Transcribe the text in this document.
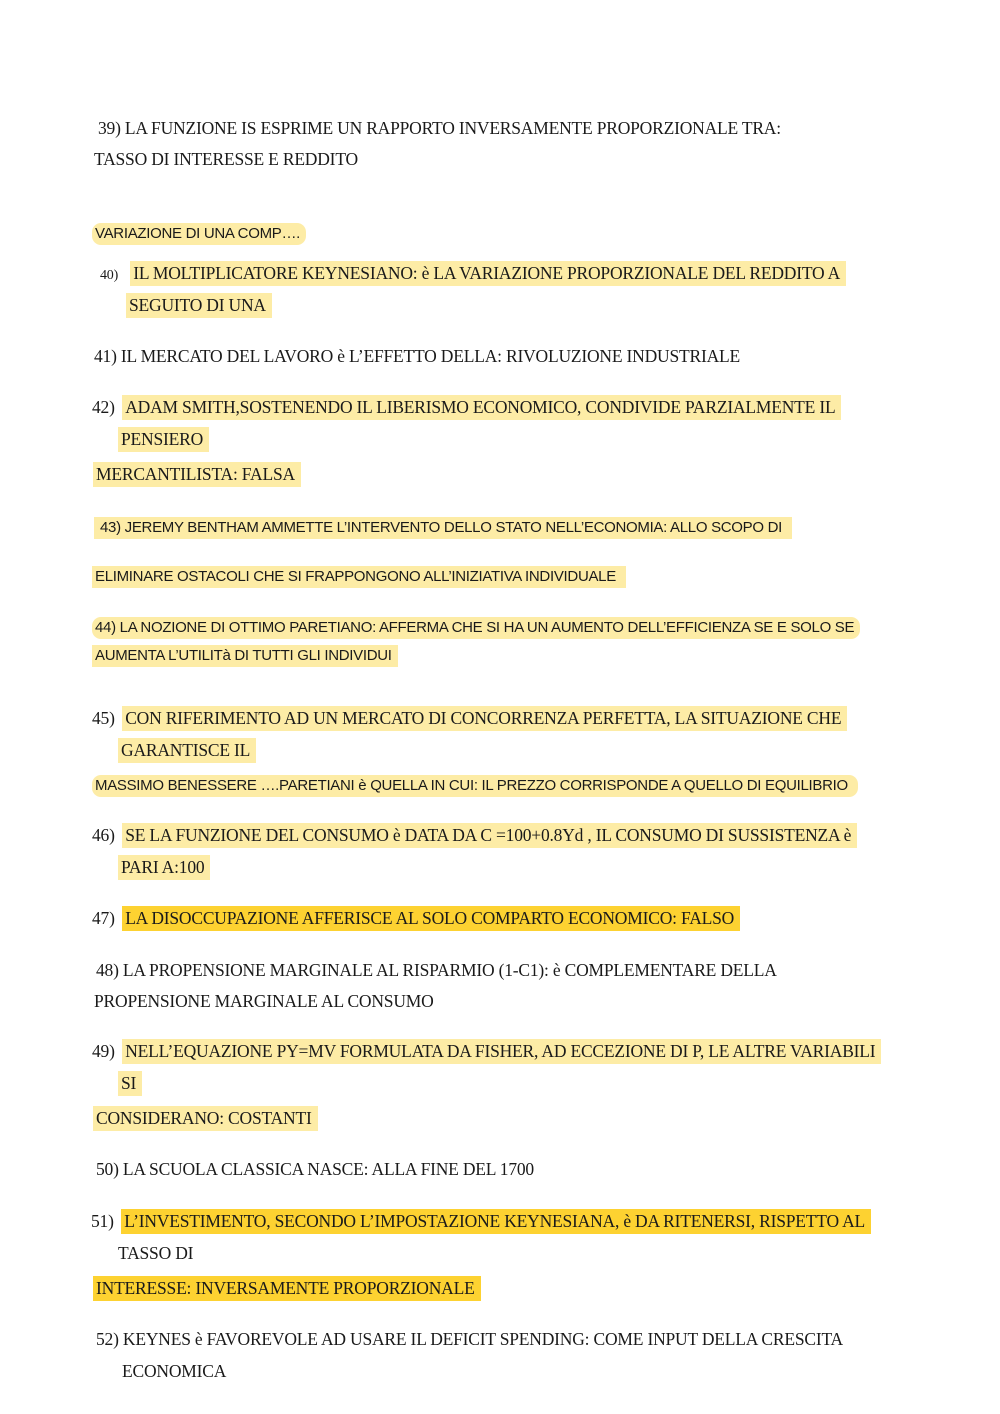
39) LA FUNZIONE IS ESPRIME UN RAPPORTO INVERSAMENTE PROPORZIONALE TRA:
TASSO DI INTERESSE E REDDITO
VARIAZIONE DI UNA COMP….
40) IL MOLTIPLICATORE KEYNESIANO: è LA VARIAZIONE PROPORZIONALE DEL REDDITO A
SEGUITO DI UNA
41) IL MERCATO DEL LAVORO è L’EFFETTO DELLA: RIVOLUZIONE INDUSTRIALE
42) ADAM SMITH,SOSTENENDO IL LIBERISMO ECONOMICO, CONDIVIDE PARZIALMENTE IL
PENSIERO
MERCANTILISTA: FALSA
43) JEREMY BENTHAM AMMETTE L’INTERVENTO DELLO STATO NELL’ECONOMIA: ALLO SCOPO DI
ELIMINARE OSTACOLI CHE SI FRAPPONGONO ALL’INIZIATIVA INDIVIDUALE
44) LA NOZIONE DI OTTIMO PARETIANO: AFFERMA CHE SI HA UN AUMENTO DELL’EFFICIENZA SE E SOLO SE
AUMENTA L’UTILITà DI TUTTI GLI INDIVIDUI
45) CON RIFERIMENTO AD UN MERCATO DI CONCORRENZA PERFETTA, LA SITUAZIONE CHE
GARANTISCE IL
MASSIMO BENESSERE ….PARETIANI è QUELLA IN CUI: IL PREZZO CORRISPONDE A QUELLO DI EQUILIBRIO
46) SE LA FUNZIONE DEL CONSUMO è DATA DA C =100+0.8Yd , IL CONSUMO DI SUSSISTENZA è
PARI A:100
47) LA DISOCCUPAZIONE AFFERISCE AL SOLO COMPARTO ECONOMICO: FALSO
48) LA PROPENSIONE MARGINALE AL RISPARMIO (1-C1): è COMPLEMENTARE DELLA
PROPENSIONE MARGINALE AL CONSUMO
49) NELL’EQUAZIONE PY=MV FORMULATA DA FISHER, AD ECCEZIONE DI P, LE ALTRE VARIABILI
SI
CONSIDERANO: COSTANTI
50) LA SCUOLA CLASSICA NASCE: ALLA FINE DEL 1700
51) L’INVESTIMENTO, SECONDO L’IMPOSTAZIONE KEYNESIANA, è DA RITENERSI, RISPETTO AL
TASSO DI
INTERESSE: INVERSAMENTE PROPORZIONALE
52) KEYNES è FAVOREVOLE AD USARE IL DEFICIT SPENDING: COME INPUT DELLA CRESCITA
ECONOMICA
